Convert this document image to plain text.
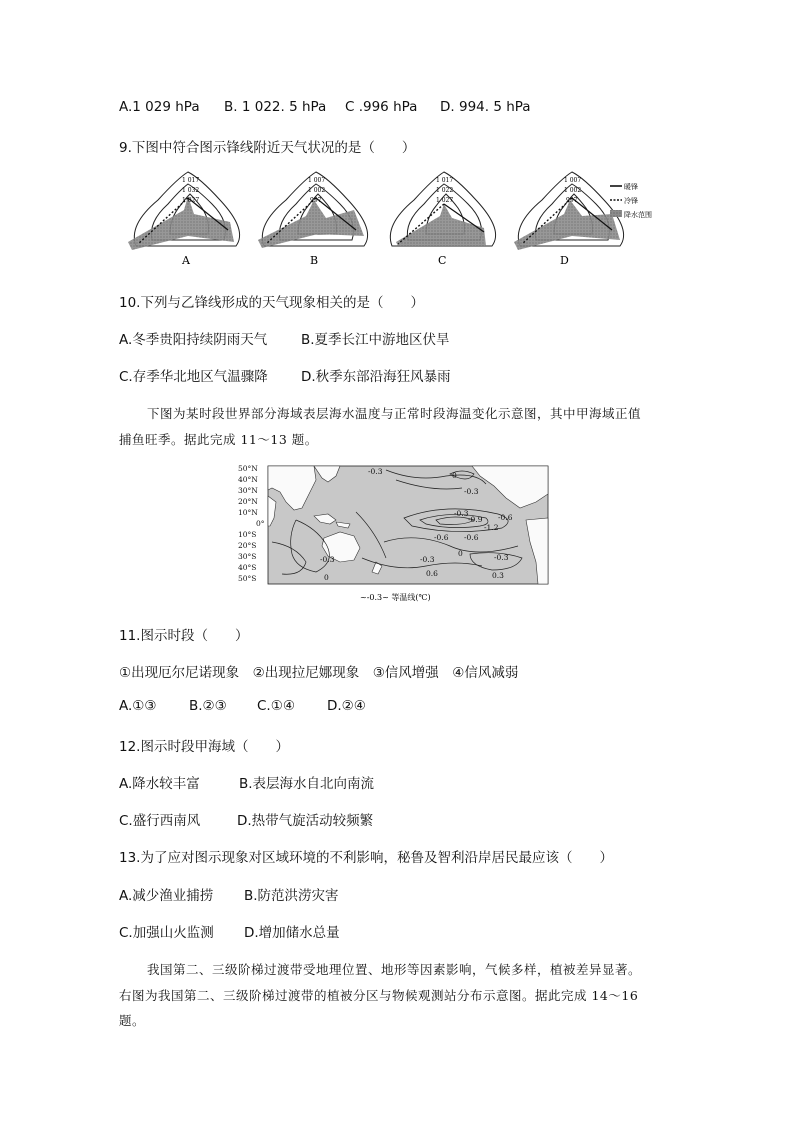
A.1 029 hPa B. 1 022. 5 hPa C .996 hPa D. 994. 5 hPa
9.下图中符合图示锋线附近天气状况的是（　　）
1 017
1 032
1 027
A
1 007
1 002
997
B
1 017
1 022
1 027
C
1 007
1 002
997
D
暖锋
冷锋
降水范围
10.下列与乙锋线形成的天气现象相关的是（　　）
A.冬季贵阳持续阴雨天气 B.夏季长江中游地区伏旱
C.存季华北地区气温骤降 D.秋季东部沿海狂风暴雨
下图为某时段世界部分海域表层海水温度与正常时段海温变化示意图，其中甲海域正值
捕鱼旺季。据此完成 11～13 题。
50°N
40°N
30°N
20°N
10°N
0°
10°S
20°S
30°S
40°S
50°S
-0.3	0
-0.3
-0.3	-0.6
-0.9
-1.2
-0.6 -0.6
-0.3
0
-0.3
0.6
-0.3
0
0.3
~-0.3~ 等温线(℃)
11.图示时段（　　）
①出现厄尔尼诺现象　②出现拉尼娜现象　③信风增强　④信风减弱
A.①③ B.②③ C.①④ D.②④
12.图示时段甲海域（　　）
A.降水较丰富	B.表层海水自北向南流
C.盛行西南风	D.热带气旋活动较频繁
13.为了应对图示现象对区域环境的不利影响，秘鲁及智利沿岸居民最应该（　　）
A.减少渔业捕捞 B.防范洪涝灾害
C.加强山火监测 D.增加储水总量
我国第二、三级阶梯过渡带受地理位置、地形等因素影响，气候多样，植被差异显著。
右图为我国第二、三级阶梯过渡带的植被分区与物候观测站分布示意图。据此完成 14～16
题。
